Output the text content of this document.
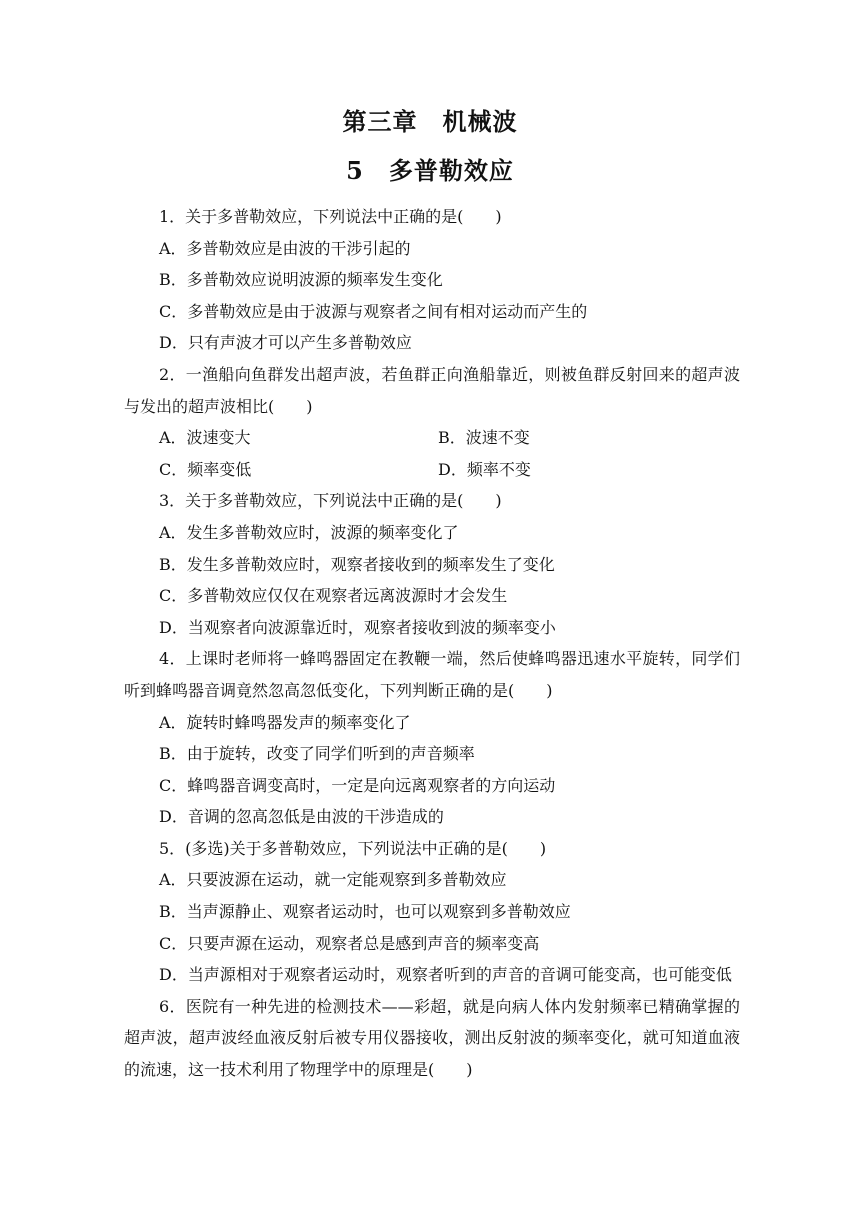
第三章　机械波
5　多普勒效应

1．关于多普勒效应，下列说法中正确的是(　　)

A．多普勒效应是由波的干涉引起的

B．多普勒效应说明波源的频率发生变化

C．多普勒效应是由于波源与观察者之间有相对运动而产生的

D．只有声波才可以产生多普勒效应

2．一渔船向鱼群发出超声波，若鱼群正向渔船靠近，则被鱼群反射回来的超声波与发出的超声波相比(　　)

A．波速变大	B．波速不变
C．频率变低	D．频率不变

3．关于多普勒效应，下列说法中正确的是(　　)

A．发生多普勒效应时，波源的频率变化了

B．发生多普勒效应时，观察者接收到的频率发生了变化

C．多普勒效应仅仅在观察者远离波源时才会发生

D．当观察者向波源靠近时，观察者接收到波的频率变小

4．上课时老师将一蜂鸣器固定在教鞭一端，然后使蜂鸣器迅速水平旋转，同学们听到蜂鸣器音调竟然忽高忽低变化，下列判断正确的是(　　)

A．旋转时蜂鸣器发声的频率变化了

B．由于旋转，改变了同学们听到的声音频率

C．蜂鸣器音调变高时，一定是向远离观察者的方向运动

D．音调的忽高忽低是由波的干涉造成的

5．(多选)关于多普勒效应，下列说法中正确的是(　　)

A．只要波源在运动，就一定能观察到多普勒效应

B．当声源静止、观察者运动时，也可以观察到多普勒效应

C．只要声源在运动，观察者总是感到声音的频率变高

D．当声源相对于观察者运动时，观察者听到的声音的音调可能变高，也可能变低

6．医院有一种先进的检测技术——彩超，就是向病人体内发射频率已精确掌握的超声波，超声波经血液反射后被专用仪器接收，测出反射波的频率变化，就可知道血液的流速，这一技术利用了物理学中的原理是(　　)
